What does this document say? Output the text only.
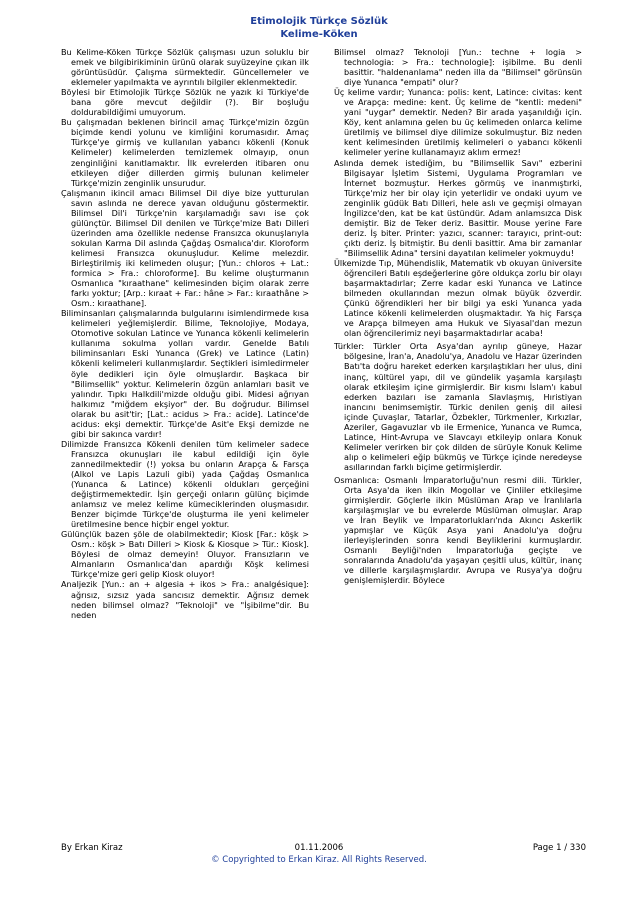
Etimolojik Türkçe Sözlük
Kelime-Köken

Bu Kelime-Köken Türkçe Sözlük çalışması uzun soluklu bir emek ve bilgibirikiminin ürünü olarak suyüzeyine çıkan ilk görüntüsüdür. Çalışma sürmektedir. Güncellemeler ve eklemeler yapılmakta ve ayrıntılı bilgiler eklenmektedir.

Böylesi bir Etimolojik Türkçe Sözlük ne yazık ki Türkiye'de bana göre mevcut değildir (?). Bir boşluğu doldurabildiğimi umuyorum.

Bu çalışmadan beklenen birincil amaç Türkçe'mizin özgün biçimde kendi yolunu ve kimliğini korumasıdır. Amaç Türkçe'ye girmiş ve kullanılan yabancı kökenli (Konuk Kelimeler) kelimelerden temizlemek olmayıp, onun zenginliğini kanıtlamaktır. İlk evrelerden itibaren onu etkileyen diğer dillerden girmiş bulunan kelimeler Türkçe'mizin zenginlik unsurudur.

Çalışmanın ikincil amacı Bilimsel Dil diye bize yutturulan savın aslında ne derece yavan olduğunu göstermektir. Bilimsel Dil'i Türkçe'nin karşılamadığı savı ise çok gülünçtür. Bilimsel Dil denilen ve Türkçe'mize Batı Dilleri üzerinden ama özellikle nedense Fransızca okunuşlarıyla sokulan Karma Dil aslında Çağdaş Osmalıca'dır. Kloroform kelimesi Fransızca okunuşludur. Kelime melezdir. Birleştirilmiş iki kelimeden oluşur; [Yun.: chloros + Lat.: formica > Fra.: chloroforme]. Bu kelime oluşturmanın Osmanlıca "kıraathane" kelimesinden biçim olarak zerre farkı yoktur; [Arp.: kıraat + Far.: hâne > Far.: kıraathâne > Osm.: kıraathane].

Biliminsanları çalışmalarında bulgularını isimlendirmede kısa kelimeleri yeğlemişlerdir. Bilime, Teknolojiye, Modaya, Otomotive sokulan Latince ve Yunanca kökenli kelimelerin kullanıma sokulma yolları vardır. Genelde Batılı biliminsanları Eski Yunanca (Grek) ve Latince (Latin) kökenli kelimeleri kullanmışlardır. Seçtikleri isimledirmeler öyle dedikleri için öyle olmuşlardır. Başkaca bir "Bilimsellik" yoktur. Kelimelerin özgün anlamları basit ve yalındır. Tıpkı Halkdili'mizde olduğu gibi. Midesi ağrıyan halkımız "miğdem ekşiyor" der. Bu doğrudur. Bilimsel olarak bu asit'tir; [Lat.: acidus > Fra.: acide]. Latince'de acidus: ekşi demektir. Türkçe'de Asit'e Ekşi demizde ne gibi bir sakınca vardır!

Dilimizde Fransızca Kökenli denilen tüm kelimeler sadece Fransızca okunuşları ile kabul edildiği için öyle zannedilmektedir (!) yoksa bu onların Arapça & Farsça (Alkol ve Lapis Lazuli gibi) yada Çağdaş Osmanlıca (Yunanca & Latince) kökenli oldukları gerçeğini değiştirmemektedir. İşin gerçeği onların gülünç biçimde anlamsız ve melez kelime kümeciklerinden oluşmasıdır. Benzer biçimde Türkçe'de oluşturma ile yeni kelimeler üretilmesine bence hiçbir engel yoktur.

Gülünçlük bazen şöle de olabilmektedir; Kiosk [Far.: köşk > Osm.: köşk > Batı Dilleri > Kiosk & Kiosque > Tür.: Kiosk]. Böylesi de olmaz demeyin! Oluyor. Fransızların ve Almanların Osmanlıca'dan apardığı Köşk kelimesi Türkçe'mize geri gelip Kiosk oluyor!

Analjezik [Yun.: an + algesia + ikos > Fra.: analgésique]: ağrısız, sızsız yada sancısız demektir. Ağrısız demek neden bilimsel olmaz? "Teknoloji" ve "İşibilme"dir. Bu neden

Bilimsel olmaz? Teknoloji [Yun.: techne + logia > technologia: > Fra.: technologie]: işibilme. Bu denli basittir. "haldenanlama" neden illa da "Bilimsel" görünsün diye Yunanca "empati" olur?

Üç kelime vardır; Yunanca: polis: kent, Latince: civitas: kent ve Arapça: medine: kent. Üç kelime de "kentli: medeni" yani "uygar" demektir. Neden? Bir arada yaşanıldığı için. Köy, kent anlamına gelen bu üç kelimeden onlarca kelime üretilmiş ve bilimsel diye dilimize sokulmuştur. Biz neden kent kelimesinden üretilmiş kelimeleri o yabancı kökenli kelimeler yerine kullanamayız aklım ermez!

Aslında demek istediğim, bu "Bilimsellik Savı" ezberini Bilgisayar İşletim Sistemi, Uygulama Programları ve İnternet bozmuştur. Herkes görmüş ve inanmıştırki, Türkçe'miz her bir olay için yeterlidir ve ondaki uyum ve zenginlik güdük Batı Dilleri, hele aslı ve geçmişi olmayan İngilizce'den, kat be kat üstündür. Adam anlamsızca Disk demiştir. Biz de Teker deriz. Basittir. Mouse yerine Fare deriz. İş biter. Printer: yazıcı, scanner: tarayıcı, print-out: çıktı deriz. İş bitmiştir. Bu denli basittir. Ama bir zamanlar "Bilimsellik Adına" tersini dayatılan kelimeler yokmuydu!

Ülkemizde Tıp, Mühendislik, Matematik vb okuyan üniversite öğrencileri Batılı eşdeğerlerine göre oldukça zorlu bir olayı başarmaktadırlar; Zerre kadar eski Yunanca ve Latince bilmeden okullarından mezun olmak büyük özverdir. Çünkü öğrendikleri her bir bilgi ya eski Yunanca yada Latince kökenli kelimelerden oluşmaktadır. Ya hiç Farsça ve Arapça bilmeyen ama Hukuk ve Siyasal'dan mezun olan öğrencilerimiz neyi başarmaktadırlar acaba!

Türkler: Türkler Orta Asya'dan ayrılıp güneye, Hazar bölgesine, İran'a, Anadolu'ya, Anadolu ve Hazar üzerinden Batı'ta doğru hareket ederken karşılaştıkları her ulus, dini inanç, kültürel yapı, dil ve gündelik yaşamla karşılaştı olarak etkileşim içine girmişlerdir. Bir kısmı İslam'ı kabul ederken bazıları ise zamanla Slavlaşmış, Hıristiyan inancını benimsemiştir. Türkic denilen geniş dil ailesi içinde Çuvaşlar, Tatarlar, Özbekler, Türkmenler, Kırkızlar, Azeriler, Gagavuzlar vb ile Ermenice, Yunanca ve Rumca, Latince, Hint-Avrupa ve Slavcayı etkileyip onlara Konuk Kelimeler verirken bir çok dilden de sürüyle Konuk Kelime alıp o kelimeleri eğip bükmüş ve Türkçe içinde neredeyse asıllarından farklı biçime getirmişlerdir.

Osmanlıca: Osmanlı İmparatorluğu'nun resmi dili. Türkler, Orta Asya'da iken ilkin Mogollar ve Çinliler etkileşime girmişlerdir. Göçlerle ilkin Müslüman Arap ve İranlılarla karşılaşmışlar ve bu evrelerde Müslüman olmuşlar. Arap ve İran Beylik ve İmparatorlukları'nda Akıncı Askerlik yapmışlar ve Küçük Asya yani Anadolu'ya doğru ilerleyişlerinden sonra kendi Beyliklerini kurmuşlardır. Osmanlı Beyliği'nden İmparatorluğa geçişte ve sonralarında Anadolu'da yaşayan çeşitli ulus, kültür, inanç ve dillerle karşılaşmışlardır. Avrupa ve Rusya'ya doğru genişlemişlerdir. Böylece

By Erkan Kiraz	01.11.2006	Page 1 / 330
© Copyrighted to Erkan Kiraz. All Rights Reserved.
